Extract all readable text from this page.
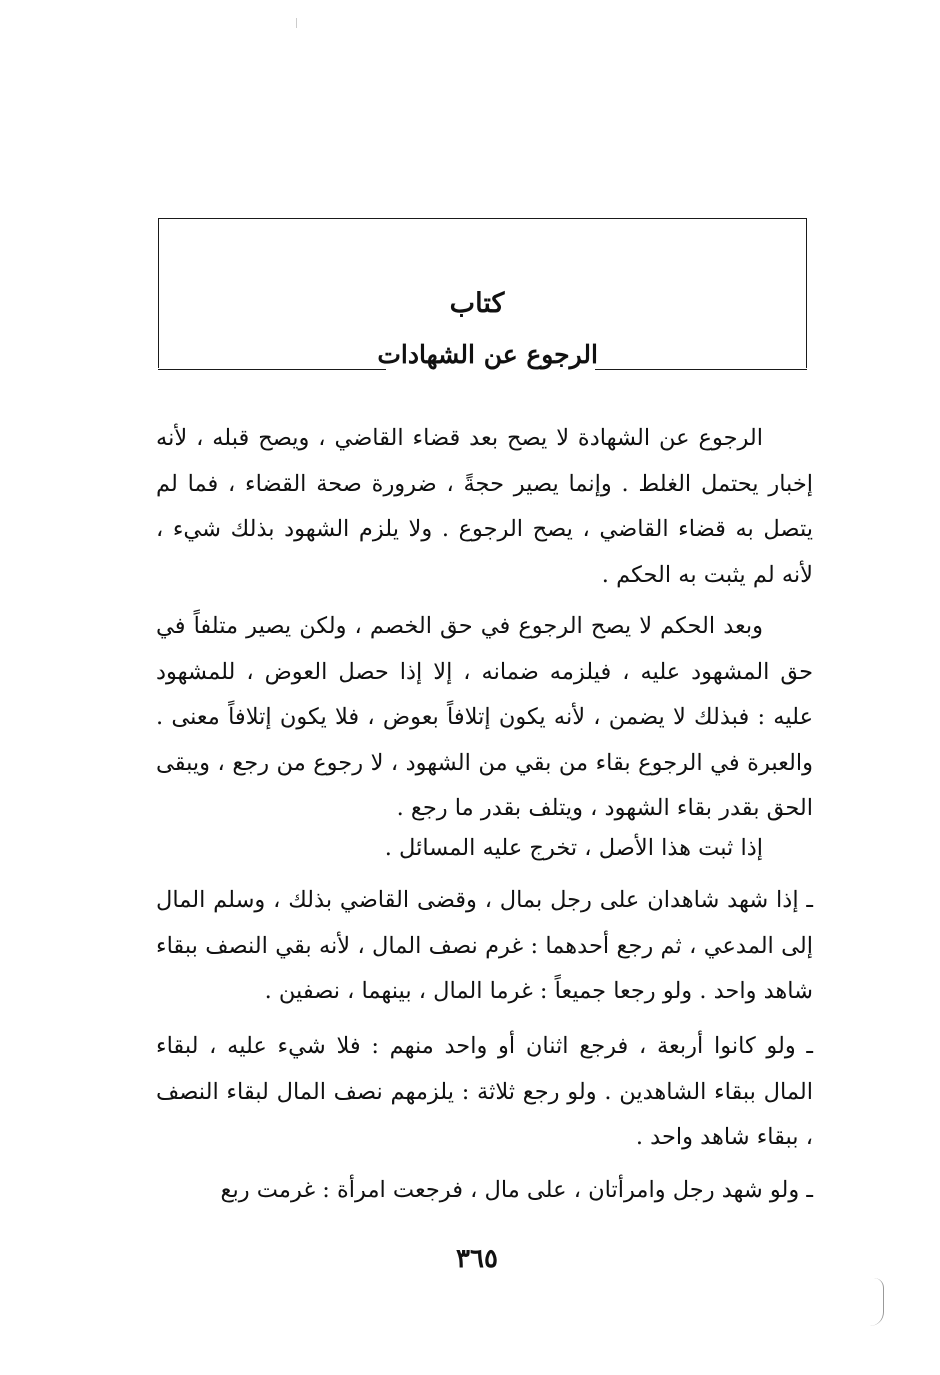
كتاب
الرجوع عن الشهادات

الرجوع عن الشهادة لا يصح بعد قضاء القاضي ، ويصح قبله ، لأنه إخبار يحتمل الغلط . وإنما يصير حجةً ، ضرورة صحة القضاء ، فما لم يتصل به قضاء القاضي ، يصح الرجوع . ولا يلزم الشهود بذلك شيء ، لأنه لم يثبت به الحكم .

وبعد الحكم لا يصح الرجوع في حق الخصم ، ولكن يصير متلفاً في حق المشهود عليه ، فيلزمه ضمانه ، إلا إذا حصل العوض ، للمشهود عليه : فبذلك لا يضمن ، لأنه يكون إتلافاً بعوض ، فلا يكون إتلافاً معنى . والعبرة في الرجوع بقاء من بقي من الشهود ، لا رجوع من رجع ، ويبقى الحق بقدر بقاء الشهود ، ويتلف بقدر ما رجع .

إذا ثبت هذا الأصل ، تخرج عليه المسائل .

ـ إذا شهد شاهدان على رجل بمال ، وقضى القاضي بذلك ، وسلم المال إلى المدعي ، ثم رجع أحدهما : غرم نصف المال ، لأنه بقي النصف ببقاء شاهد واحد . ولو رجعا جميعاً : غرما المال ، بينهما ، نصفين .

ـ ولو كانوا أربعة ، فرجع اثنان أو واحد منهم : فلا شيء عليه ، لبقاء المال ببقاء الشاهدين . ولو رجع ثلاثة : يلزمهم نصف المال لبقاء النصف ، ببقاء شاهد واحد .

ـ ولو شهد رجل وامرأتان ، على مال ، فرجعت امرأة : غرمت ربع

٣٦٥
